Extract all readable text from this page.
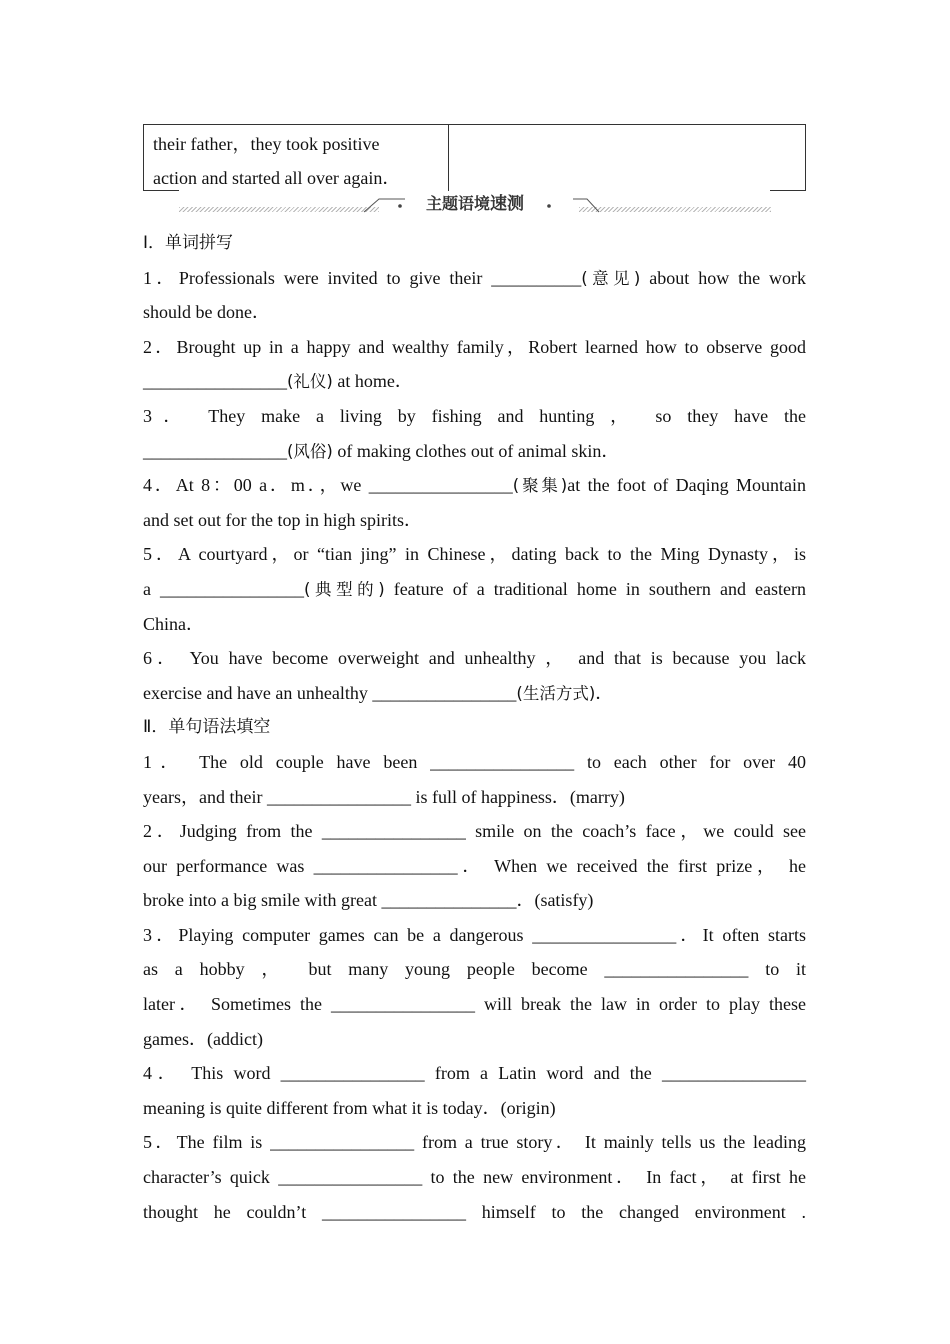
their father，they took positive
action and started all over again．
主题语境速测
Ⅰ．单词拼写
1．Professionals were invited to give their __________(意见) about how the work
should be done．
2．Brought up in a happy and wealthy family，Robert learned how to observe good
________________(礼仪) at home．
3． They make a living by fishing and hunting ， so they have the
________________(风俗) of making clothes out of animal skin．
4．At 8：00 a．m．，we ________________(聚集)at the foot of Daqing Mountain
and set out for the top in high spirits．
5．A courtyard，or “tian jing” in Chinese，dating back to the Ming Dynasty，is
a ________________(典型的) feature of a traditional home in southern and eastern
China．
6． You have become overweight and unhealthy ， and that is because you lack
exercise and have an unhealthy ________________(生活方式)．
Ⅱ．单句语法填空
1． The old couple have been ________________ to each other for over 40
years，and their ________________ is full of happiness．(marry)
2．Judging from the ________________ smile on the coach’s face，we could see
our performance was ________________． When we received the first prize， he
broke into a big smile with great _______________．(satisfy)
3．Playing computer games can be a dangerous ________________．It often starts
as a hobby ， but many young people become ________________ to it
later． Sometimes the ________________ will break the law in order to play these
games．(addict)
4． This word ________________ from a Latin word and the ________________
meaning is quite different from what it is today．(origin)
5．The film is ________________ from a true story． It mainly tells us the leading
character’s quick ________________ to the new environment． In fact， at first he
thought he couldn’t ________________ himself to the changed environment .
